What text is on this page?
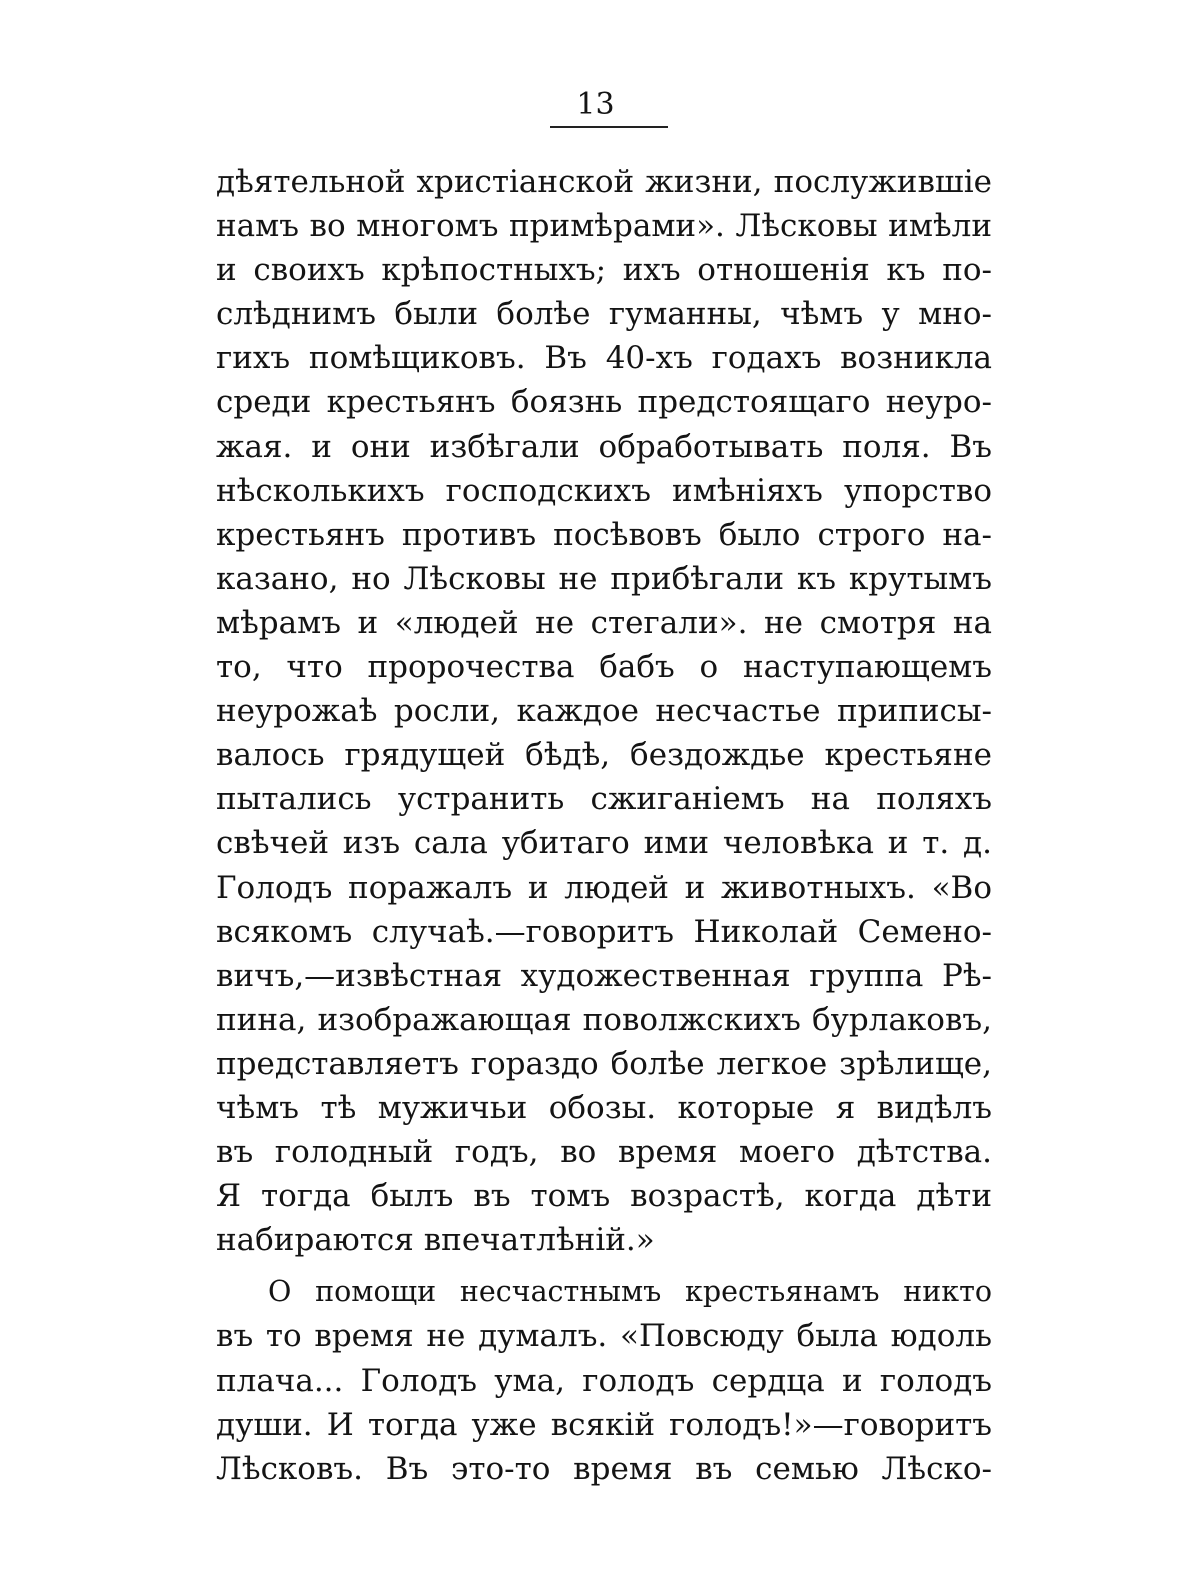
13
дѣятельной христіанской жизни, послужившіе
намъ во многомъ примѣрами». Лѣсковы имѣли
и своихъ крѣпостныхъ; ихъ отношенія къ по-
слѣднимъ были болѣе гуманны, чѣмъ у мно-
гихъ помѣщиковъ. Въ 40-хъ годахъ возникла
среди крестьянъ боязнь предстоящаго неуро-
жая. и они избѣгали обработывать поля. Въ
нѣсколькихъ господскихъ имѣніяхъ упорство
крестьянъ противъ посѣвовъ было строго на-
казано, но Лѣсковы не прибѣгали къ крутымъ
мѣрамъ и «людей не стегали». не смотря на
то, что пророчества бабъ о наступающемъ
неурожаѣ росли, каждое несчастье приписы-
валось грядущей бѣдѣ, бездождье крестьяне
пытались устранить сжиганіемъ на поляхъ
свѣчей изъ сала убитаго ими человѣка и т. д.
Голодъ поражалъ и людей и животныхъ. «Во
всякомъ случаѣ.—говоритъ Николай Семено-
вичъ,—извѣстная художественная группа Рѣ-
пина, изображающая поволжскихъ бурлаковъ,
представляетъ гораздо болѣе легкое зрѣлище,
чѣмъ тѣ мужичьи обозы. которые я видѣлъ
въ голодный годъ, во время моего дѣтства.
Я тогда былъ въ томъ возрастѣ, когда дѣти
набираются впечатлѣній.»
О помощи несчастнымъ крестьянамъ никто
въ то время не думалъ. «Повсюду была юдоль
плача... Голодъ ума, голодъ сердца и голодъ
души. И тогда уже всякій голодъ!»—говоритъ
Лѣсковъ. Въ это-то время въ семью Лѣско-
